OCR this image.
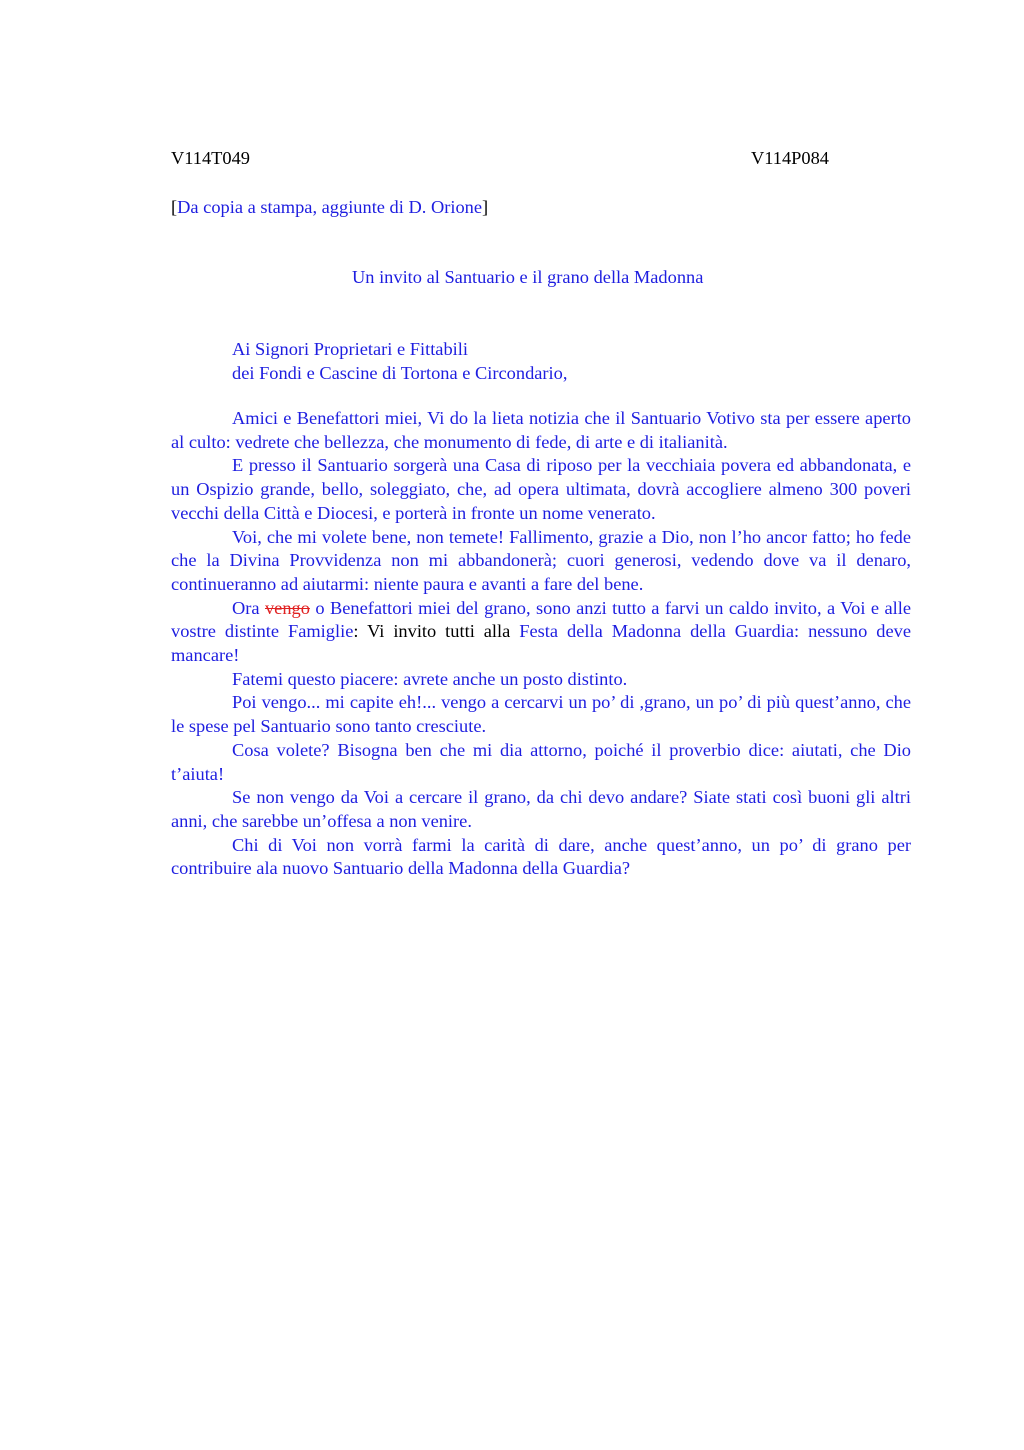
V114T049	V114P084
[Da copia a stampa, aggiunte di D. Orione]
Un invito al Santuario e il grano della Madonna
Ai Signori Proprietari e Fittabili
dei Fondi e Cascine di Tortona e Circondario,

Amici e Benefattori miei, Vi do la lieta notizia che il Santuario Votivo sta per essere aperto al culto: vedrete che bellezza, che monumento di fede, di arte e di italianità.

E presso il Santuario sorgerà una Casa di riposo per la vecchiaia povera ed abbandonata, e un Ospizio grande, bello, soleggiato, che, ad opera ultimata, dovrà accogliere almeno 300 poveri vecchi della Città e Diocesi, e porterà in fronte un nome venerato.

Voi, che mi volete bene, non temete! Fallimento, grazie a Dio, non l’ho ancor fatto; ho fede che la Divina Provvidenza non mi abbandonerà; cuori generosi, vedendo dove va il denaro, continueranno ad aiutarmi: niente paura e avanti a fare del bene.

Ora vengo o Benefattori miei del grano, sono anzi tutto a farvi un caldo invito, a Voi e alle vostre distinte Famiglie: Vi invito tutti alla Festa della Madonna della Guardia: nessuno deve mancare!

Fatemi questo piacere: avrete anche un posto distinto.

Poi vengo... mi capite eh!... vengo a cercarvi un po’ di ,grano, un po’ di più quest’anno, che le spese pel Santuario sono tanto cresciute.

Cosa volete? Bisogna ben che mi dia attorno, poiché il proverbio dice: aiutati, che Dio t’aiuta!

Se non vengo da Voi a cercare il grano, da chi devo andare? Siate stati così buoni gli altri anni, che sarebbe un’offesa a non venire.

Chi di Voi non vorrà farmi la carità di dare, anche quest’anno, un po’ di grano per contribuire ala nuovo Santuario della Madonna della Guardia?
